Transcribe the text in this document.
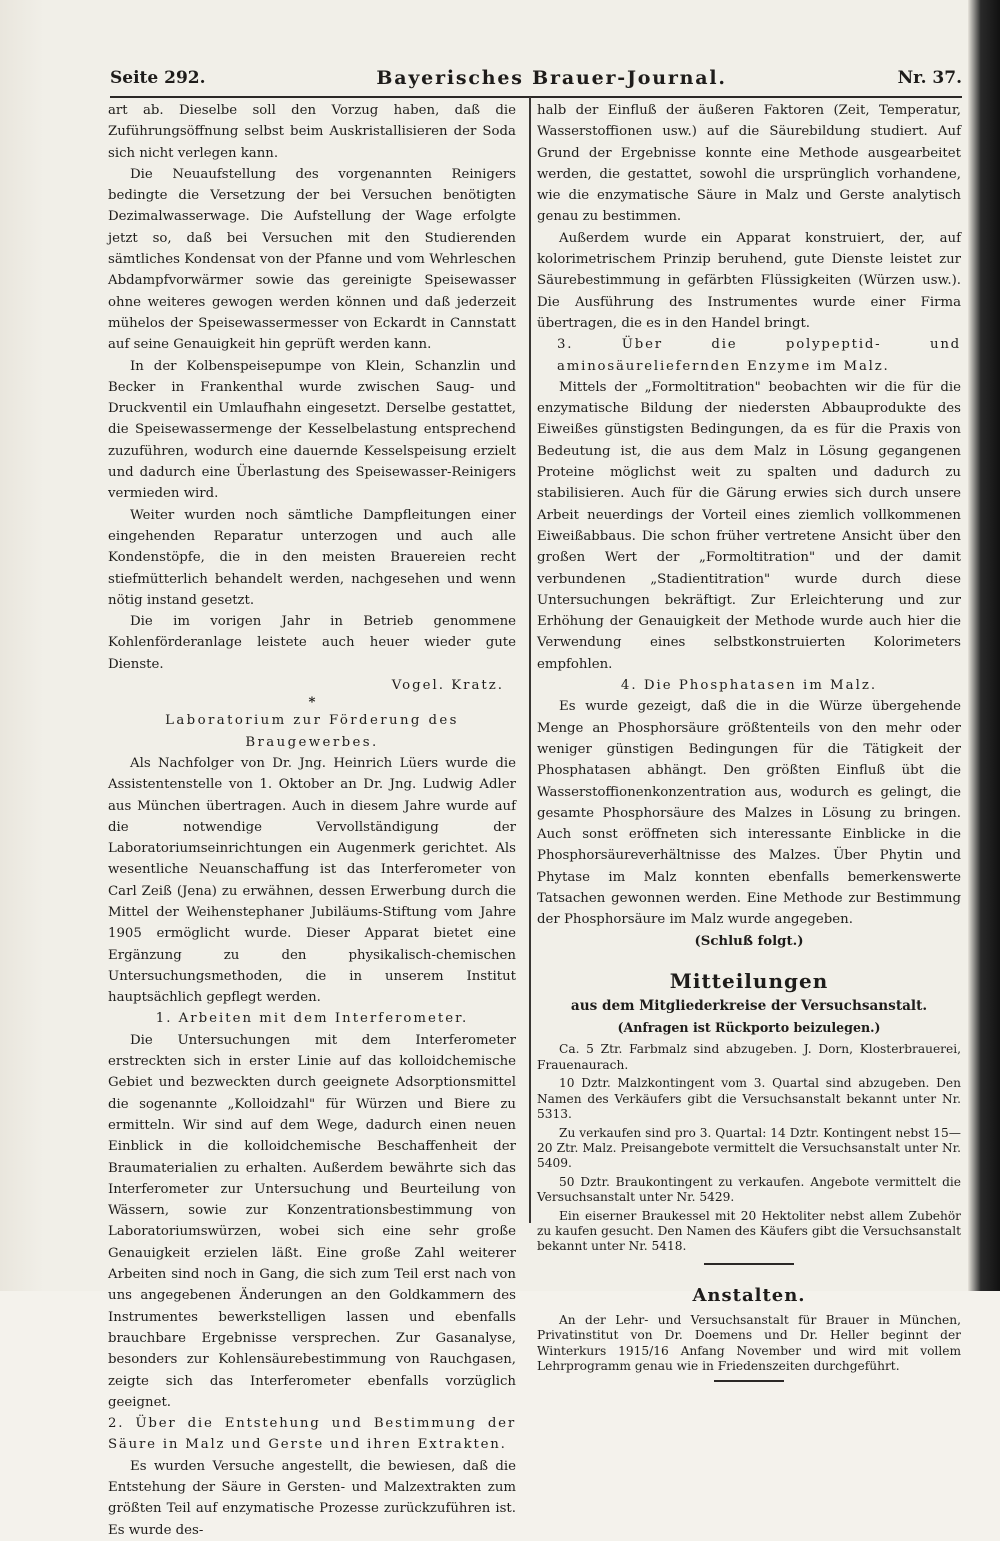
Seite 292.	Bayerisches Brauer-Journal.	Nr. 37.

art ab. Dieselbe soll den Vorzug haben, daß die Zuführungsöffnung selbst beim Auskristallisieren der Soda sich nicht verlegen kann.

Die Neuaufstellung des vorgenannten Reinigers bedingte die Versetzung der bei Versuchen benötigten Dezimalwasserwage. Die Aufstellung der Wage erfolgte jetzt so, daß bei Versuchen mit den Studierenden sämtliches Kondensat von der Pfanne und vom Wehrleschen Abdampfvorwärmer sowie das gereinigte Speisewasser ohne weiteres gewogen werden können und daß jederzeit mühelos der Speisewassermesser von Eckardt in Cannstatt auf seine Genauigkeit hin geprüft werden kann.

In der Kolbenspeisepumpe von Klein, Schanzlin und Becker in Frankenthal wurde zwischen Saug- und Druckventil ein Umlaufhahn eingesetzt. Derselbe gestattet, die Speisewassermenge der Kesselbelastung entsprechend zuzuführen, wodurch eine dauernde Kesselspeisung erzielt und dadurch eine Überlastung des Speisewasser-Reinigers vermieden wird.

Weiter wurden noch sämtliche Dampfleitungen einer eingehenden Reparatur unterzogen und auch alle Kondenstöpfe, die in den meisten Brauereien recht stiefmütterlich behandelt werden, nachgesehen und wenn nötig instand gesetzt.

Die im vorigen Jahr in Betrieb genommene Kohlenförderanlage leistete auch heuer wieder gute Dienste.

Vogel. Kratz.

*

Laboratorium zur Förderung des Braugewerbes.

Als Nachfolger von Dr. Jng. Heinrich Lüers wurde die Assistentenstelle von 1. Oktober an Dr. Jng. Ludwig Adler aus München übertragen. Auch in diesem Jahre wurde auf die notwendige Vervollständigung der Laboratoriumseinrichtungen ein Augenmerk gerichtet. Als wesentliche Neuanschaffung ist das Interferometer von Carl Zeiß (Jena) zu erwähnen, dessen Erwerbung durch die Mittel der Weihenstephaner Jubiläums-Stiftung vom Jahre 1905 ermöglicht wurde. Dieser Apparat bietet eine Ergänzung zu den physikalisch-chemischen Untersuchungsmethoden, die in unserem Institut hauptsächlich gepflegt werden.

1. Arbeiten mit dem Interferometer.

Die Untersuchungen mit dem Interferometer erstreckten sich in erster Linie auf das kolloidchemische Gebiet und bezweckten durch geeignete Adsorptionsmittel die sogenannte „Kolloidzahl" für Würzen und Biere zu ermitteln. Wir sind auf dem Wege, dadurch einen neuen Einblick in die kolloidchemische Beschaffenheit der Braumaterialien zu erhalten. Außerdem bewährte sich das Interferometer zur Untersuchung und Beurteilung von Wässern, sowie zur Konzentrationsbestimmung von Laboratoriumswürzen, wobei sich eine sehr große Genauigkeit erzielen läßt. Eine große Zahl weiterer Arbeiten sind noch in Gang, die sich zum Teil erst nach von uns angegebenen Änderungen an den Goldkammern des Instrumentes bewerkstelligen lassen und ebenfalls brauchbare Ergebnisse versprechen. Zur Gasanalyse, besonders zur Kohlensäurebestimmung von Rauchgasen, zeigte sich das Interferometer ebenfalls vorzüglich geeignet.

2. Über die Entstehung und Bestimmung der Säure in Malz und Gerste und ihren Extrakten.

Es wurden Versuche angestellt, die bewiesen, daß die Entstehung der Säure in Gersten- und Malzextrakten zum größten Teil auf enzymatische Prozesse zurückzuführen ist. Es wurde des-

halb der Einfluß der äußeren Faktoren (Zeit, Temperatur, Wasserstoffionen usw.) auf die Säurebildung studiert. Auf Grund der Ergebnisse konnte eine Methode ausgearbeitet werden, die gestattet, sowohl die ursprünglich vorhandene, wie die enzymatische Säure in Malz und Gerste analytisch genau zu bestimmen.

Außerdem wurde ein Apparat konstruiert, der, auf kolorimetrischem Prinzip beruhend, gute Dienste leistet zur Säurebestimmung in gefärbten Flüssigkeiten (Würzen usw.). Die Ausführung des Instrumentes wurde einer Firma übertragen, die es in den Handel bringt.

3. Über die polypeptid- und aminosäureliefernden Enzyme im Malz.

Mittels der „Formoltitration" beobachten wir die für die enzymatische Bildung der niedersten Abbauprodukte des Eiweißes günstigsten Bedingungen, da es für die Praxis von Bedeutung ist, die aus dem Malz in Lösung gegangenen Proteine möglichst weit zu spalten und dadurch zu stabilisieren. Auch für die Gärung erwies sich durch unsere Arbeit neuerdings der Vorteil eines ziemlich vollkommenen Eiweißabbaus. Die schon früher vertretene Ansicht über den großen Wert der „Formoltitration" und der damit verbundenen „Stadientitration" wurde durch diese Untersuchungen bekräftigt. Zur Erleichterung und zur Erhöhung der Genauigkeit der Methode wurde auch hier die Verwendung eines selbstkonstruierten Kolorimeters empfohlen.

4. Die Phosphatasen im Malz.

Es wurde gezeigt, daß die in die Würze übergehende Menge an Phosphorsäure größtenteils von den mehr oder weniger günstigen Bedingungen für die Tätigkeit der Phosphatasen abhängt. Den größten Einfluß übt die Wasserstoffionenkonzentration aus, wodurch es gelingt, die gesamte Phosphorsäure des Malzes in Lösung zu bringen. Auch sonst eröffneten sich interessante Einblicke in die Phosphorsäureverhältnisse des Malzes. Über Phytin und Phytase im Malz konnten ebenfalls bemerkenswerte Tatsachen gewonnen werden. Eine Methode zur Bestimmung der Phosphorsäure im Malz wurde angegeben.

(Schluß folgt.)

Mitteilungen

aus dem Mitgliederkreise der Versuchsanstalt.

(Anfragen ist Rückporto beizulegen.)

Ca. 5 Ztr. Farbmalz sind abzugeben. J. Dorn, Klosterbrauerei, Frauenaurach.

10 Dztr. Malzkontingent vom 3. Quartal sind abzugeben. Den Namen des Verkäufers gibt die Versuchsanstalt bekannt unter Nr. 5313.

Zu verkaufen sind pro 3. Quartal: 14 Dztr. Kontingent nebst 15—20 Ztr. Malz. Preisangebote vermittelt die Versuchsanstalt unter Nr. 5409.

50 Dztr. Braukontingent zu verkaufen. Angebote vermittelt die Versuchsanstalt unter Nr. 5429.

Ein eiserner Braukessel mit 20 Hektoliter nebst allem Zubehör zu kaufen gesucht. Den Namen des Käufers gibt die Versuchsanstalt bekannt unter Nr. 5418.

Anstalten.

An der Lehr- und Versuchsanstalt für Brauer in München, Privatinstitut von Dr. Doemens und Dr. Heller beginnt der Winterkurs 1915/16 Anfang November und wird mit vollem Lehrprogramm genau wie in Friedenszeiten durchgeführt.
